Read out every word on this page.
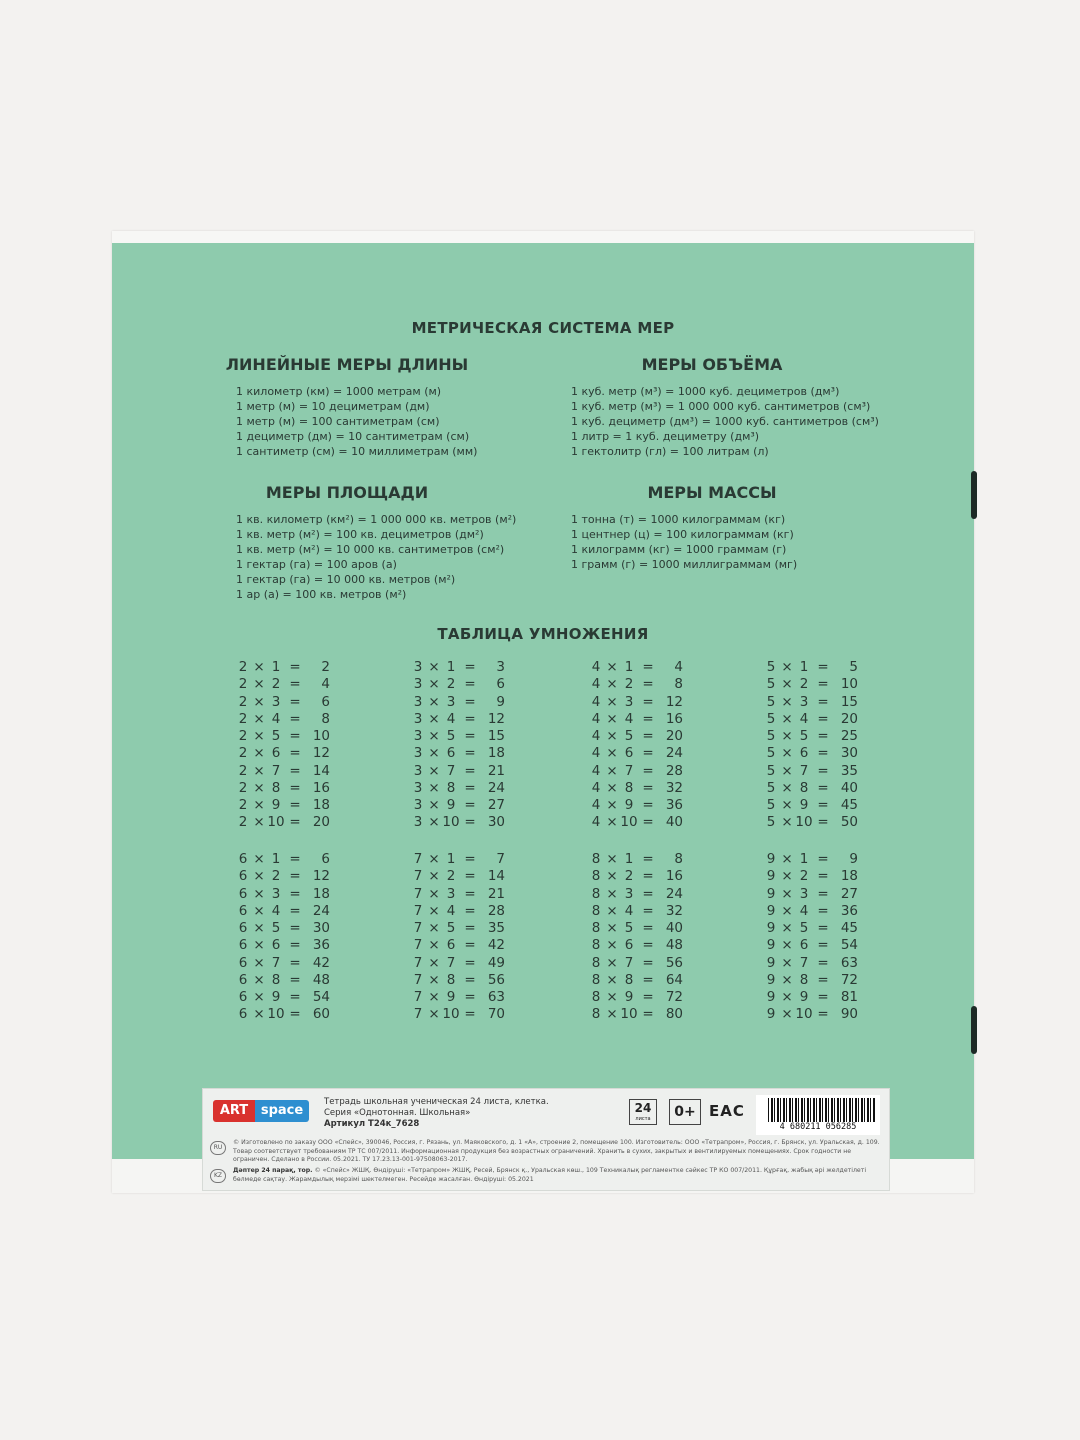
МЕТРИЧЕСКАЯ СИСТЕМА МЕР
ЛИНЕЙНЫЕ МЕРЫ ДЛИНЫ
1 километр (км) = 1000 метрам (м)
1 метр (м) = 10 дециметрам (дм)
1 метр (м) = 100 сантиметрам (см)
1 дециметр (дм) = 10 сантиметрам (см)
1 сантиметр (см) = 10 миллиметрам (мм)
МЕРЫ ОБЪЁМА
1 куб. метр (м³) = 1000 куб. дециметров (дм³)
1 куб. метр (м³) = 1 000 000 куб. сантиметров (см³)
1 куб. дециметр (дм³) = 1000 куб. сантиметров (см³)
1 литр = 1 куб. дециметру (дм³)
1 гектолитр (гл) = 100 литрам (л)
МЕРЫ ПЛОЩАДИ
1 кв. километр (км²) = 1 000 000 кв. метров (м²)
1 кв. метр (м²) = 100 кв. дециметров (дм²)
1 кв. метр (м²) = 10 000 кв. сантиметров (см²)
1 гектар (га) = 100 аров (а)
1 гектар (га) = 10 000 кв. метров (м²)
1 ар (а) = 100 кв. метров (м²)
МЕРЫ МАССЫ
1 тонна (т) = 1000 килограммам (кг)
1 центнер (ц) = 100 килограммам (кг)
1 килограмм (кг) = 1000 граммам (г)
1 грамм (г) = 1000 миллиграммам (мг)
ТАБЛИЦА УМНОЖЕНИЯ
2 × 1 =	2
2 × 2 =	4
2 × 3 =	6
2 × 4 =	8
2 × 5 = 10
2 × 6 = 12
2 × 7 = 14
2 × 8 = 16
2 × 9 = 18
2 × 10 = 20
3 × 1 =	3
3 × 2 =	6
3 × 3 =	9
3 × 4 = 12
3 × 5 = 15
3 × 6 = 18
3 × 7 = 21
3 × 8 = 24
3 × 9 = 27
3 × 10 = 30
4 × 1 =	4
4 × 2 =	8
4 × 3 = 12
4 × 4 = 16
4 × 5 = 20
4 × 6 = 24
4 × 7 = 28
4 × 8 = 32
4 × 9 = 36
4 × 10 = 40
5 × 1 =	5
5 × 2 = 10
5 × 3 = 15
5 × 4 = 20
5 × 5 = 25
5 × 6 = 30
5 × 7 = 35
5 × 8 = 40
5 × 9 = 45
5 × 10 = 50
6 × 1 =	6
6 × 2 = 12
6 × 3 = 18
6 × 4 = 24
6 × 5 = 30
6 × 6 = 36
6 × 7 = 42
6 × 8 = 48
6 × 9 = 54
6 × 10 = 60
7 × 1 =	7
7 × 2 = 14
7 × 3 = 21
7 × 4 = 28
7 × 5 = 35
7 × 6 = 42
7 × 7 = 49
7 × 8 = 56
7 × 9 = 63
7 × 10 = 70
8 × 1 =	8
8 × 2 = 16
8 × 3 = 24
8 × 4 = 32
8 × 5 = 40
8 × 6 = 48
8 × 7 = 56
8 × 8 = 64
8 × 9 = 72
8 × 10 = 80
9 × 1 =	9
9 × 2 = 18
9 × 3 = 27
9 × 4 = 36
9 × 5 = 45
9 × 6 = 54
9 × 7 = 63
9 × 8 = 72
9 × 9 = 81
9 × 10 = 90
ART space
Тетрадь школьная ученическая 24 листа, клетка.
Серия «Однотонная. Школьная»
Артикул Т24к_7628
24
листа	0+ EAC
4 680211 056285
RU
© Изготовлено по заказу ООО «Спейс», 390046, Россия, г. Рязань, ул. Маяковского, д. 1 «А», строение 2, помещение 100. Изготовитель: ООО «Тетрапром», Россия, г. Брянск, ул. Уральская, д. 109. Товар соответствует требованиям ТР ТС 007/2011. Информационная продукция без возрастных ограничений. Хранить в сухих, закрытых и вентилируемых помещениях. Срок годности не ограничен. Сделано в России. 05.2021. ТУ 17.23.13-001-97508063-2017.
KZ
Дәптер 24 парақ, тор. © «Спейс» ЖШҚ. Өндіруші: «Тетрапром» ЖШҚ, Ресей, Брянск қ., Уральская көш., 109 Техникалық регламентке сәйкес ТР КО 007/2011. Құрғақ, жабық әрі желдетілеті бөлмеде сақтау. Жарамдылық мерзімі шектелмеген. Ресейде жасалған. Өндіруші: 05.2021
